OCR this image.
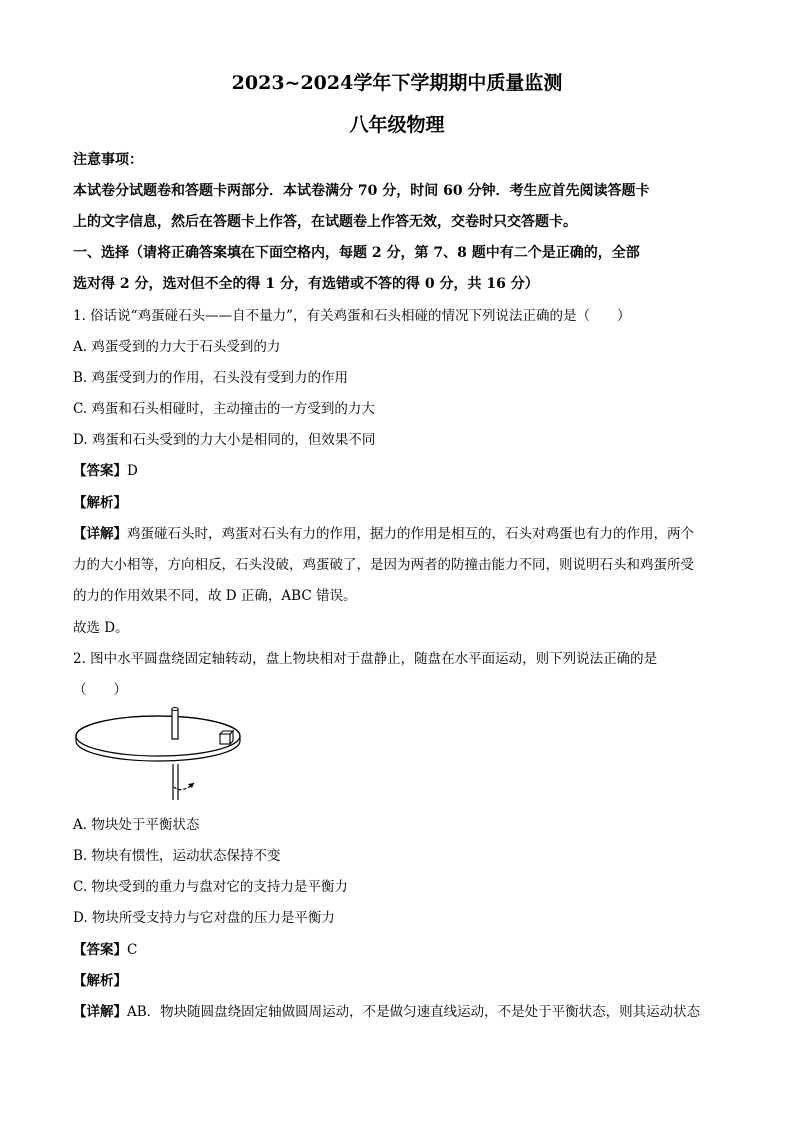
2023~2024学年下学期期中质量监测
八年级物理
注意事项：
本试卷分试题卷和答题卡两部分．本试卷满分 70 分，时间 60 分钟．考生应首先阅读答题卡
上的文字信息，然后在答题卡上作答，在试题卷上作答无效，交卷时只交答题卡。
一、选择（请将正确答案填在下面空格内，每题 2 分，第 7、8 题中有二个是正确的，全部
选对得 2 分，选对但不全的得 1 分，有选错或不答的得 0 分，共 16 分）
1. 俗话说“鸡蛋碰石头——自不量力”，有关鸡蛋和石头相碰的情况下列说法正确的是（　　）
A. 鸡蛋受到的力大于石头受到的力
B. 鸡蛋受到力的作用，石头没有受到力的作用
C. 鸡蛋和石头相碰时，主动撞击的一方受到的力大
D. 鸡蛋和石头受到的力大小是相同的，但效果不同
【答案】D
【解析】
【详解】鸡蛋碰石头时，鸡蛋对石头有力的作用，据力的作用是相互的，石头对鸡蛋也有力的作用，两个
力的大小相等，方向相反，石头没破，鸡蛋破了，是因为两者的防撞击能力不同，则说明石头和鸡蛋所受
的力的作用效果不同，故 D 正确，ABC 错误。
故选 D。
2. 图中水平圆盘绕固定轴转动，盘上物块相对于盘静止，随盘在水平面运动，则下列说法正确的是
（　　）
A. 物块处于平衡状态
B. 物块有惯性，运动状态保持不变
C. 物块受到的重力与盘对它的支持力是平衡力
D. 物块所受支持力与它对盘的压力是平衡力
【答案】C
【解析】
【详解】AB．物块随圆盘绕固定轴做圆周运动，不是做匀速直线运动，不是处于平衡状态，则其运动状态
